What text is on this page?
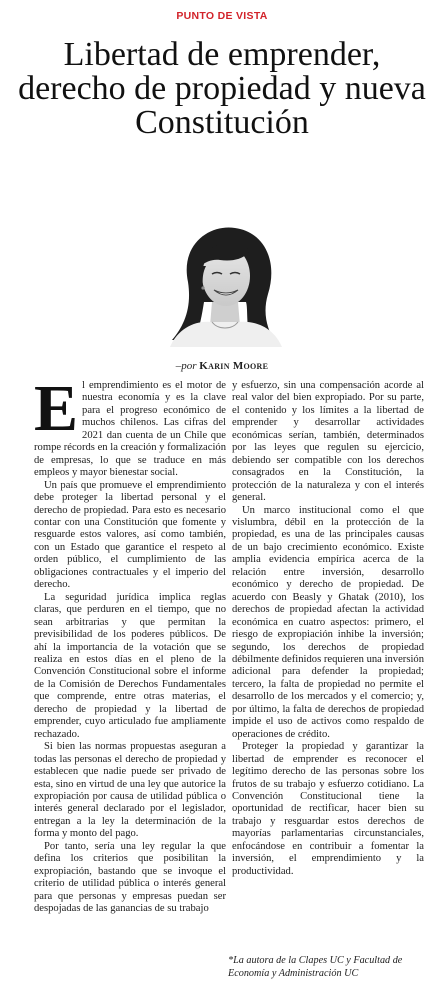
PUNTO DE VISTA
Libertad de emprender, derecho de propiedad y nueva Constitución
–por Karin Moore

El emprendimiento es el motor de nuestra economía y es la clave para el progreso económico de muchos chilenos. Las cifras del 2021 dan cuenta de un Chile que rompe récords en la creación y formalización de empresas, lo que se traduce en más empleos y mayor bienestar social.

Un país que promueve el emprendimiento debe proteger la libertad personal y el derecho de propiedad. Para esto es necesario contar con una Constitución que fomente y resguarde estos valores, así como también, con un Estado que garantice el respeto al orden público, el cumplimiento de las obligaciones contractuales y el imperio del derecho.

La seguridad jurídica implica reglas claras, que perduren en el tiempo, que no sean arbitrarias y que permitan la previsibilidad de los poderes públicos. De ahí la importancia de la votación que se realiza en estos días en el pleno de la Convención Constitucional sobre el informe de la Comisión de Derechos Fundamentales que comprende, entre otras materias, el derecho de propiedad y la libertad de emprender, cuyo articulado fue ampliamente rechazado.

Si bien las normas propuestas aseguran a todas las personas el derecho de propiedad y establecen que nadie puede ser privado de esta, sino en virtud de una ley que autorice la expropiación por causa de utilidad pública o interés general declarado por el legislador, entregan a la ley la determinación de la forma y monto del pago.

Por tanto, sería una ley regular la que defina los criterios que posibilitan la expropiación, bastando que se invoque el criterio de utilidad pública o interés general para que personas y empresas puedan ser despojadas de las ganancias de su trabajo

y esfuerzo, sin una compensación acorde al real valor del bien expropiado. Por su parte, el contenido y los límites a la libertad de emprender y desarrollar actividades económicas serían, también, determinados por las leyes que regulen su ejercicio, debiendo ser compatible con los derechos consagrados en la Constitución, la protección de la naturaleza y con el interés general.

Un marco institucional como el que vislumbra, débil en la protección de la propiedad, es una de las principales causas de un bajo crecimiento económico. Existe amplia evidencia empírica acerca de la relación entre inversión, desarrollo económico y derecho de propiedad. De acuerdo con Beasly y Ghatak (2010), los derechos de propiedad afectan la actividad económica en cuatro aspectos: primero, el riesgo de expropiación inhibe la inversión; segundo, los derechos de propiedad débilmente definidos requieren una inversión adicional para defender la propiedad; tercero, la falta de propiedad no permite el desarrollo de los mercados y el comercio; y, por último, la falta de derechos de propiedad impide el uso de activos como respaldo de operaciones de crédito.

Proteger la propiedad y garantizar la libertad de emprender es reconocer el legítimo derecho de las personas sobre los frutos de su trabajo y esfuerzo cotidiano. La Convención Constitucional tiene la oportunidad de rectificar, hacer bien su trabajo y resguardar estos derechos de mayorías parlamentarias circunstanciales, enfocándose en contribuir a fomentar la inversión, el emprendimiento y la productividad.

*La autora de la Clapes UC y Facultad de Economía y Administración UC
